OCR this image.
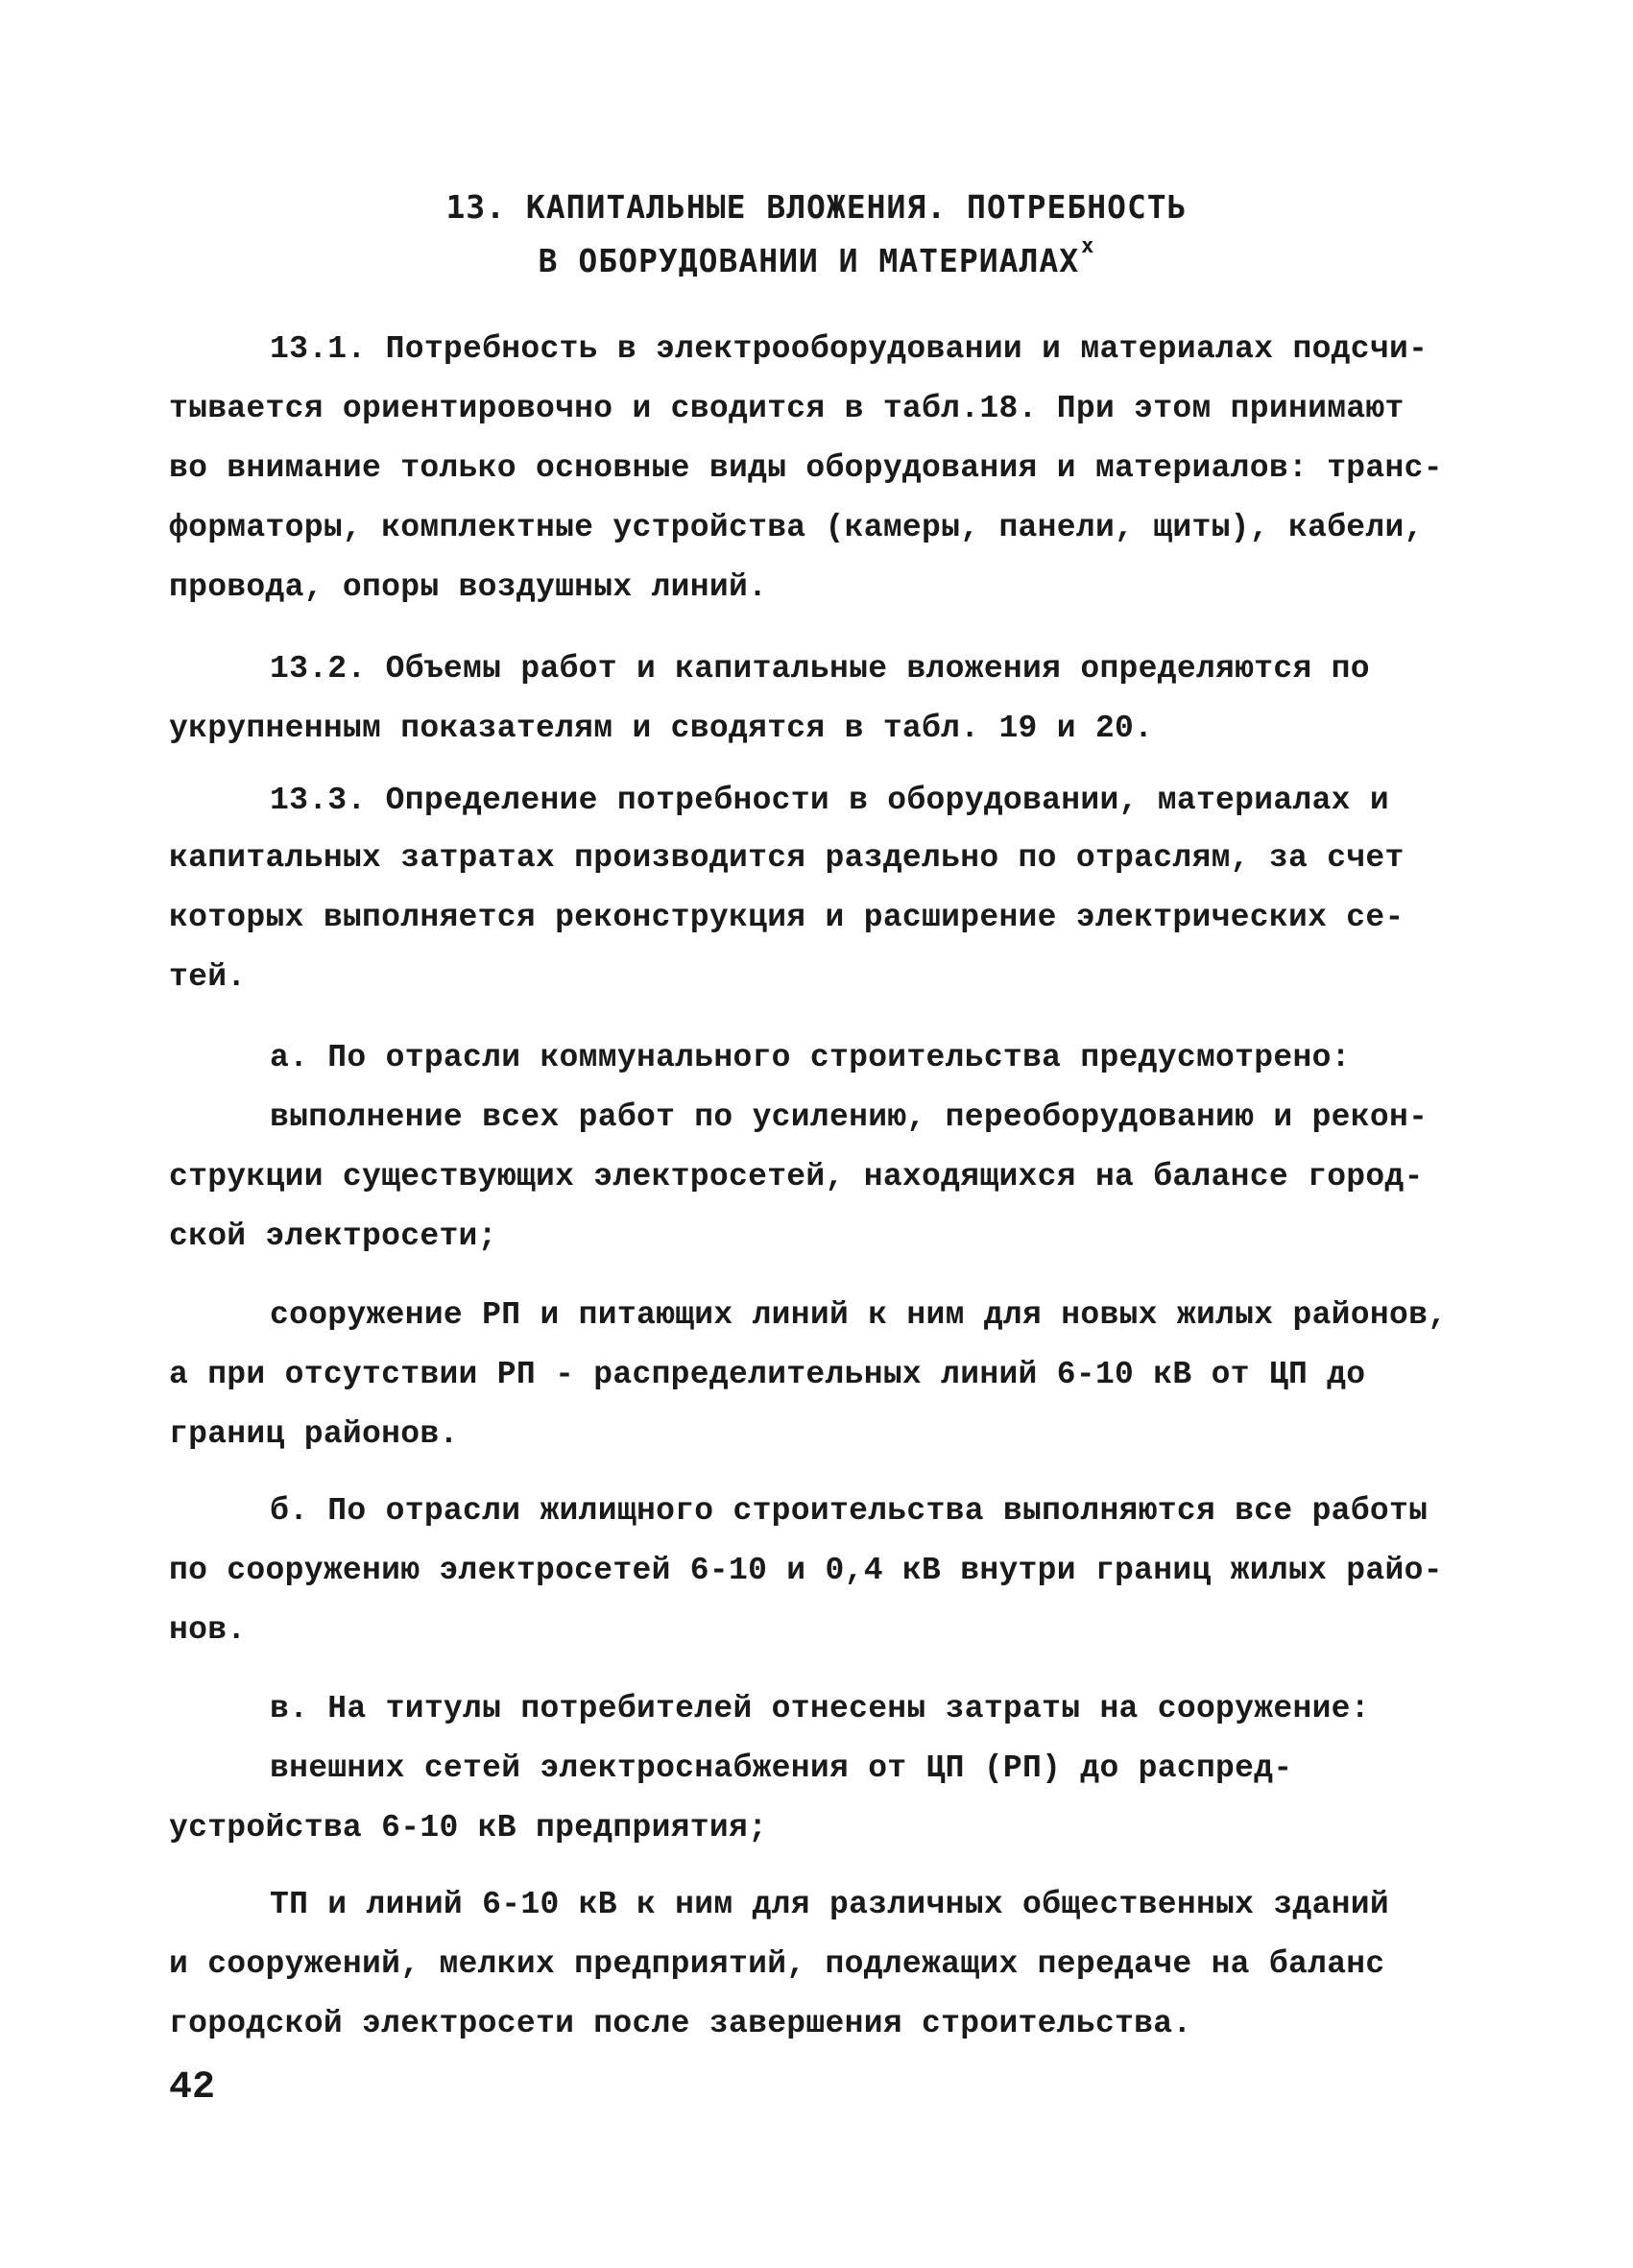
13. КАПИТАЛЬНЫЕ ВЛОЖЕНИЯ. ПОТРЕБНОСТЬ
В ОБОРУДОВАНИИ И МАТЕРИАЛАХ$^x$
13.1. Потребность в электрооборудовании и материалах подсчи-
тывается ориентировочно и сводится в табл.18. При этом принимают
во внимание только основные виды оборудования и материалов: транс-
форматоры, комплектные устройства (камеры, панели, щиты), кабели,
провода, опоры воздушных линий.
13.2. Объемы работ и капитальные вложения определяются по
укрупненным показателям и сводятся в табл. 19 и 20.
13.3. Определение потребности в оборудовании, материалах и
капитальных затратах производится раздельно по отраслям, за счет
которых выполняется реконструкция и расширение электрических се-
тей.
а. По отрасли коммунального строительства предусмотрено:
выполнение всех работ по усилению, переоборудованию и рекон-
струкции существующих электросетей, находящихся на балансе город-
ской электросети;
сооружение РП и питающих линий к ним для новых жилых районов,
а при отсутствии РП - распределительных линий 6-10 кВ от ЦП до
границ районов.
б. По отрасли жилищного строительства выполняются все работы
по сооружению электросетей 6-10 и 0,4 кВ внутри границ жилых райо-
нов.
в. На титулы потребителей отнесены затраты на сооружение:
внешних сетей электроснабжения от ЦП (РП) до распред-
устройства 6-10 кВ предприятия;
ТП и линий 6-10 кВ к ним для различных общественных зданий
и сооружений, мелких предприятий, подлежащих передаче на баланс
городской электросети после завершения строительства.
42
